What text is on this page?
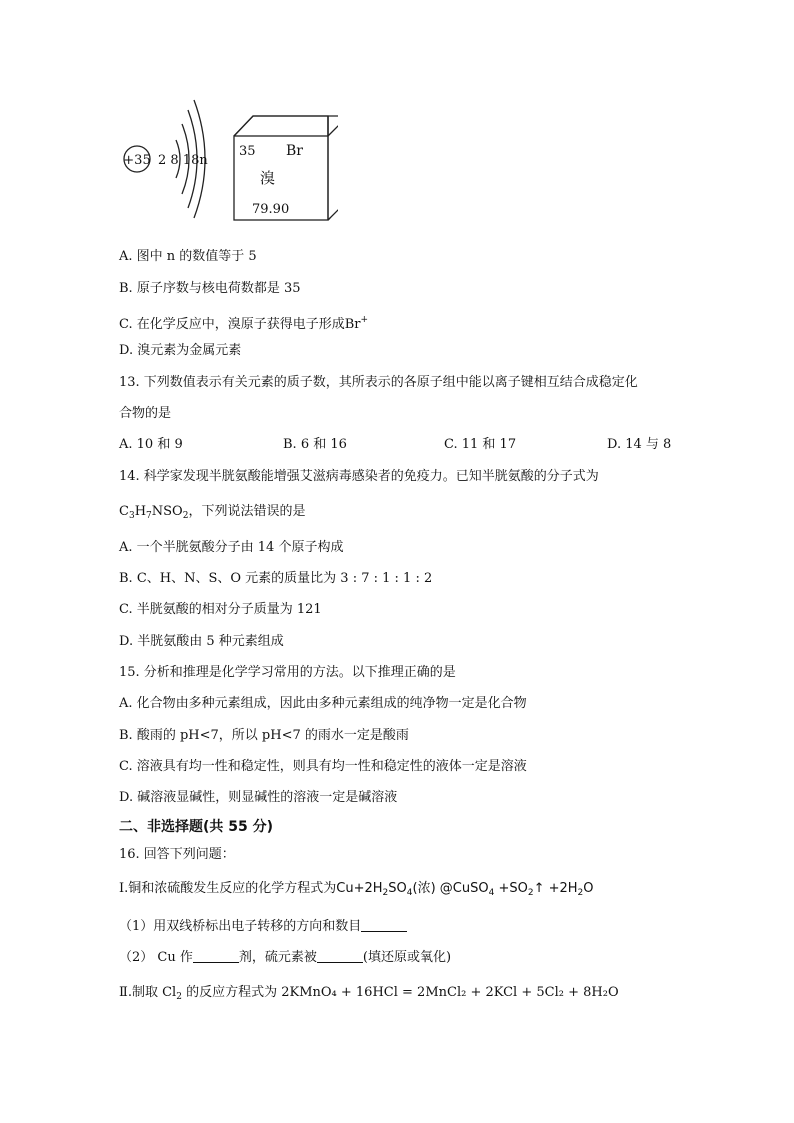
+35 2 8 18n
35 Br
溴
79.90
A. 图中 n 的数值等于 5
B. 原子序数与核电荷数都是 35
C. 在化学反应中，溴原子获得电子形成Br+
D. 溴元素为金属元素
13. 下列数值表示有关元素的质子数，其所表示的各原子组中能以离子键相互结合成稳定化
合物的是
A. 10 和 9	B. 6 和 16	C. 11 和 17	D. 14 与 8
14. 科学家发现半胱氨酸能增强艾滋病毒感染者的免疫力。已知半胱氨酸的分子式为
$C_3H_7NSO_2$，下列说法错误的是
A. 一个半胱氨酸分子由 14 个原子构成
B. C、H、N、S、O 元素的质量比为 3 : 7 : 1 : 1 : 2
C. 半胱氨酸的相对分子质量为 121
D. 半胱氨酸由 5 种元素组成
15. 分析和推理是化学学习常用的方法。以下推理正确的是
A. 化合物由多种元素组成，因此由多种元素组成的纯净物一定是化合物
B. 酸雨的 pH<7，所以 pH<7 的雨水一定是酸雨
C. 溶液具有均一性和稳定性，则具有均一性和稳定性的液体一定是溶液
D. 碱溶液显碱性，则显碱性的溶液一定是碱溶液
二、非选择题(共 55 分)
16. 回答下列问题：
Ⅰ.铜和浓硫酸发生反应的化学方程式为$Cu+2H_2SO_4$(浓) @CuSO$_4$ $+SO_2↑ +2H_2O$
（1）用双线桥标出电子转移的方向和数目
（2） Cu 作	剂，硫元素被	(填还原或氧化)
Ⅱ.制取 $Cl_2$ 的反应方程式为 2KMnO₄ + 16HCl = 2MnCl₂ + 2KCl + 5Cl₂ + 8H₂O
